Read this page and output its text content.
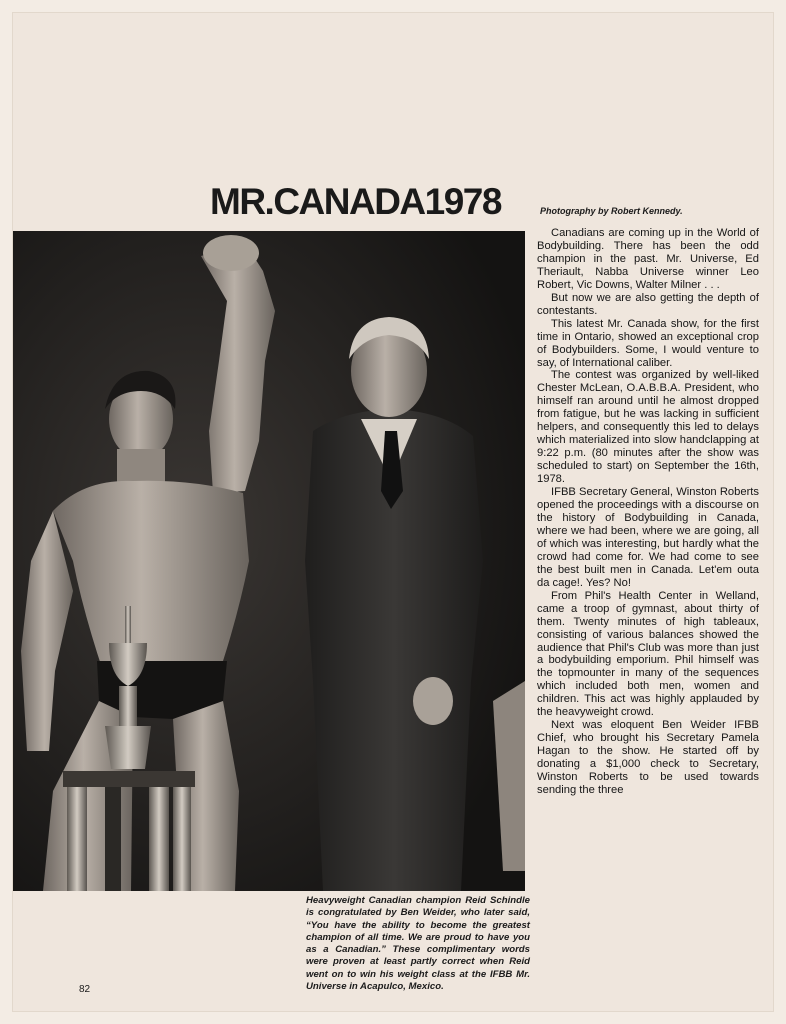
MR.CANADA1978	Photography by Robert Kennedy.

Canadians are coming up in the World of Bodybuilding. There has been the odd champion in the past. Mr. Universe, Ed Theriault, Nabba Universe winner Leo Robert, Vic Downs, Walter Milner . . .

But now we are also getting the depth of contestants.

This latest Mr. Canada show, for the first time in Ontario, showed an exceptional crop of Bodybuilders. Some, I would venture to say, of International caliber.

The contest was organized by well-liked Chester McLean, O.A.B.B.A. President, who himself ran around until he almost dropped from fatigue, but he was lacking in sufficient helpers, and consequently this led to delays which materialized into slow handclapping at 9:22 p.m. (80 minutes after the show was scheduled to start) on September the 16th, 1978.

IFBB Secretary General, Winston Roberts opened the proceedings with a discourse on the history of Bodybuilding in Canada, where we had been, where we are going, all of which was interesting, but hardly what the crowd had come for. We had come to see the best built men in Canada. Let'em outa da cage!. Yes? No!

From Phil's Health Center in Welland, came a troop of gymnast, about thirty of them. Twenty minutes of high tableaux, consisting of various balances showed the audience that Phil's Club was more than just a bodybuilding emporium. Phil himself was the topmounter in many of the sequences which included both men, women and children. This act was highly applauded by the heavyweight crowd.

Next was eloquent Ben Weider IFBB Chief, who brought his Secretary Pamela Hagan to the show. He started off by donating a $1,000 check to Secretary, Winston Roberts to be used towards sending the three

Heavyweight Canadian champion Reid Schindle is congratulated by Ben Weider, who later said, “You have the ability to become the greatest champion of all time. We are proud to have you as a Canadian.” These complimentary words were proven at least partly correct when Reid went on to win his weight class at the IFBB Mr. Universe in Acapulco, Mexico.

82
